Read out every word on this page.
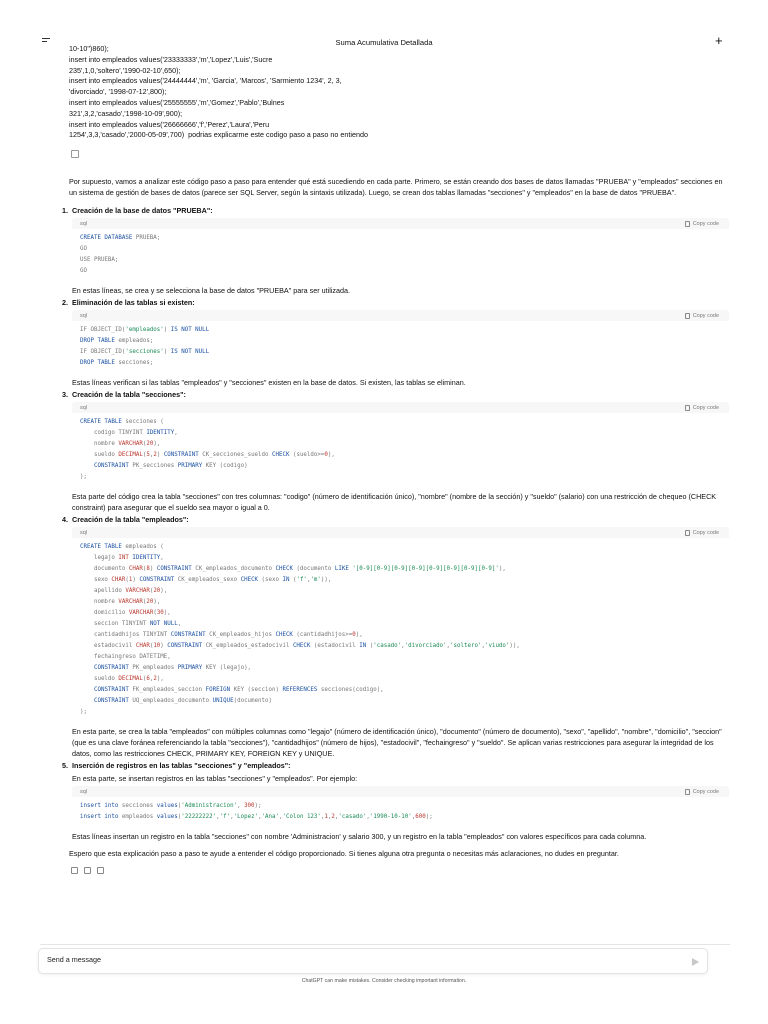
Suma Acumulativa Detallada	+

10-10")860);

insert into empleados values('23333333','m','Lopez','Luis','Sucre

235',1,0,'soltero','1990-02-10',650);

insert into empleados values('24444444','m', 'Garcia', 'Marcos', 'Sarmiento 1234', 2, 3,

'divorciado', '1998-07-12',800);

insert into empleados values('25555555','m','Gomez','Pablo','Bulnes

321',3,2,'casado','1998-10-09',900);

insert into empleados values('26666666','f','Perez','Laura','Peru

1254',3,3,'casado','2000-05-09',700)  podrias explicarme este codigo paso a paso no entiendo

Por supuesto, vamos a analizar este código paso a paso para entender qué está sucediendo en cada parte. Primero, se están creando dos bases de datos llamadas "PRUEBA" y "empleados" secciones en un sistema de gestión de bases de datos (parece ser SQL Server, según la sintaxis utilizada). Luego, se crean dos tablas llamadas "secciones" y "empleados" en la base de datos "PRUEBA".

1. Creación de la base de datos "PRUEBA":
sql	Copy code
CREATE DATABASE PRUEBA;
GO
USE PRUEBA;
GO

En estas líneas, se crea y se selecciona la base de datos "PRUEBA" para ser utilizada.

2. Eliminación de las tablas si existen:
sql	Copy code
IF OBJECT_ID('empleados') IS NOT NULL
DROP TABLE empleados;
IF OBJECT_ID('secciones') IS NOT NULL
DROP TABLE secciones;

Estas líneas verifican si las tablas "empleados" y "secciones" existen en la base de datos. Si existen, las tablas se eliminan.

3. Creación de la tabla "secciones":
sql	Copy code
CREATE TABLE secciones (
codigo TINYINT IDENTITY,
nombre VARCHAR(20),
sueldo DECIMAL(5,2) CONSTRAINT CK_secciones_sueldo CHECK (sueldo>=0),
CONSTRAINT PK_secciones PRIMARY KEY (codigo)
);

Esta parte del código crea la tabla "secciones" con tres columnas: "codigo" (número de identificación único), "nombre" (nombre de la sección) y "sueldo" (salario) con una restricción de chequeo (CHECK constraint) para asegurar que el sueldo sea mayor o igual a 0.

4. Creación de la tabla "empleados":
sql	Copy code
CREATE TABLE empleados (
legajo INT IDENTITY,
documento CHAR(8) CONSTRAINT CK_empleados_documento CHECK (documento LIKE '[0-9][0-9][0-9][0-9][0-9][0-9][0-9][0-9]'),
sexo CHAR(1) CONSTRAINT CK_empleados_sexo CHECK (sexo IN ('f','m')),
apellido VARCHAR(20),
nombre VARCHAR(20),
domicilio VARCHAR(30),
seccion TINYINT NOT NULL,
cantidadhijos TINYINT CONSTRAINT CK_empleados_hijos CHECK (cantidadhijos>=0),
estadocivil CHAR(10) CONSTRAINT CK_empleados_estadocivil CHECK (estadocivil IN ('casado','divorciado','soltero','viudo')),
fechaingreso DATETIME,
CONSTRAINT PK_empleados PRIMARY KEY (legajo),
sueldo DECIMAL(6,2),
CONSTRAINT FK_empleados_seccion FOREIGN KEY (seccion) REFERENCES secciones(codigo),
CONSTRAINT UQ_empleados_documento UNIQUE(documento)
);

En esta parte, se crea la tabla "empleados" con múltiples columnas como "legajo" (número de identificación único), "documento" (número de documento), "sexo", "apellido", "nombre", "domicilio", "seccion" (que es una clave foránea referenciando la tabla "secciones"), "cantidadhijos" (número de hijos), "estadocivil", "fechaingreso" y "sueldo". Se aplican varias restricciones para asegurar la integridad de los datos, como las restricciones CHECK, PRIMARY KEY, FOREIGN KEY y UNIQUE.

5. Inserción de registros en las tablas "secciones" y "empleados":

En esta parte, se insertan registros en las tablas "secciones" y "empleados". Por ejemplo:

sql	Copy code
insert into secciones values('Administracion', 300);
insert into empleados values('22222222','f','Lopez','Ana','Colon 123',1,2,'casado','1990-10-10',600);

Estas líneas insertan un registro en la tabla "secciones" con nombre 'Administracion' y salario 300, y un registro en la tabla "empleados" con valores específicos para cada columna.

Espero que esta explicación paso a paso te ayude a entender el código proporcionado. Si tienes alguna otra pregunta o necesitas más aclaraciones, no dudes en preguntar.

Send a message
ChatGPT can make mistakes. Consider checking important information.
